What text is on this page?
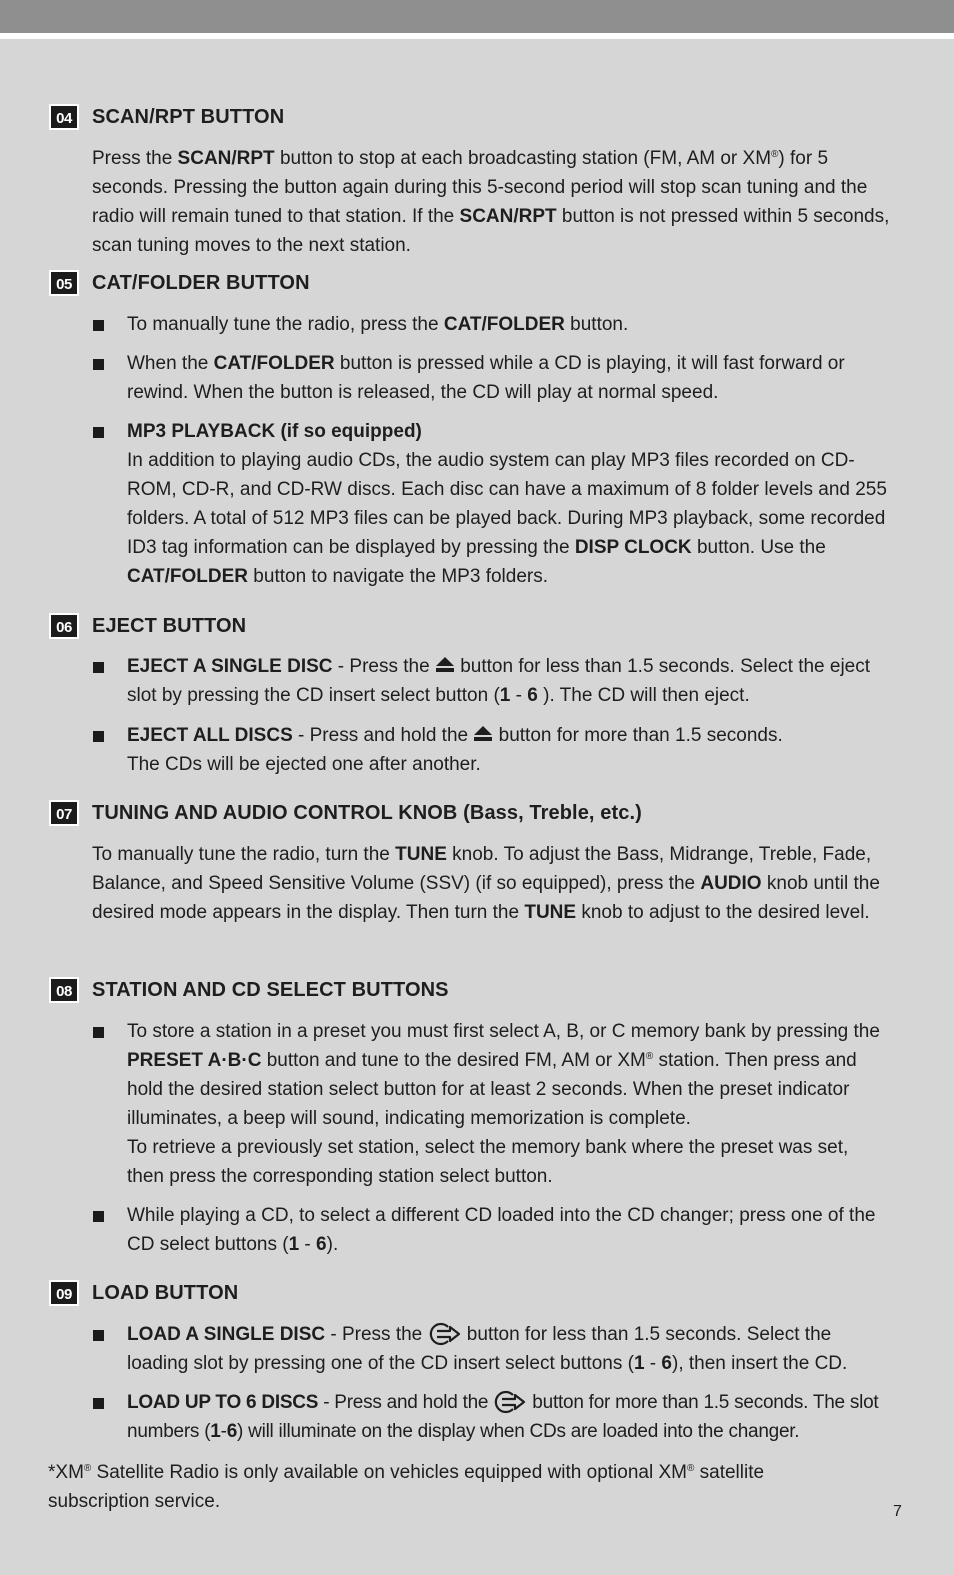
04	SCAN/RPT BUTTON
Press the SCAN/RPT button to stop at each broadcasting station (FM, AM or XM®) for 5 seconds. Pressing the button again during this 5-second period will stop scan tuning and the radio will remain tuned to that station. If the SCAN/RPT button is not pressed within 5 seconds, scan tuning moves to the next station.
05	CAT/FOLDER BUTTON
To manually tune the radio, press the CAT/FOLDER button.
When the CAT/FOLDER button is pressed while a CD is playing, it will fast forward or rewind. When the button is released, the CD will play at normal speed.
MP3 PLAYBACK (if so equipped)
In addition to playing audio CDs, the audio system can play MP3 files recorded on CD-ROM, CD-R, and CD-RW discs. Each disc can have a maximum of 8 folder levels and 255 folders. A total of 512 MP3 files can be played back. During MP3 playback, some recorded ID3 tag information can be displayed by pressing the DISP CLOCK button. Use the CAT/FOLDER button to navigate the MP3 folders.
06	EJECT BUTTON
EJECT A SINGLE DISC - Press the  button for less than 1.5 seconds. Select the eject slot by pressing the CD insert select button (1 - 6 ). The CD will then eject.
EJECT ALL DISCS - Press and hold the  button for more than 1.5 seconds.
The CDs will be ejected one after another.
07	TUNING AND AUDIO CONTROL KNOB (Bass, Treble, etc.)
To manually tune the radio, turn the TUNE knob. To adjust the Bass, Midrange, Treble, Fade, Balance, and Speed Sensitive Volume (SSV) (if so equipped), press the AUDIO knob until the desired mode appears in the display. Then turn the TUNE knob to adjust to the desired level.
08	STATION AND CD SELECT BUTTONS
To store a station in a preset you must first select A, B, or C memory bank by pressing the PRESET A·B·C button and tune to the desired FM, AM or XM® station. Then press and hold the desired station select button for at least 2 seconds. When the preset indicator illuminates, a beep will sound, indicating memorization is complete.
To retrieve a previously set station, select the memory bank where the preset was set, then press the corresponding station select button.
While playing a CD, to select a different CD loaded into the CD changer; press one of the CD select buttons (1 - 6).
09	LOAD BUTTON
LOAD A SINGLE DISC - Press the  button for less than 1.5 seconds. Select the loading slot by pressing one of the CD insert select buttons (1 - 6), then insert the CD.
LOAD UP TO 6 DISCS - Press and hold the  button for more than 1.5 seconds. The slot numbers (1-6) will illuminate on the display when CDs are loaded into the changer.
*XM® Satellite Radio is only available on vehicles equipped with optional XM® satellite subscription service.	7
